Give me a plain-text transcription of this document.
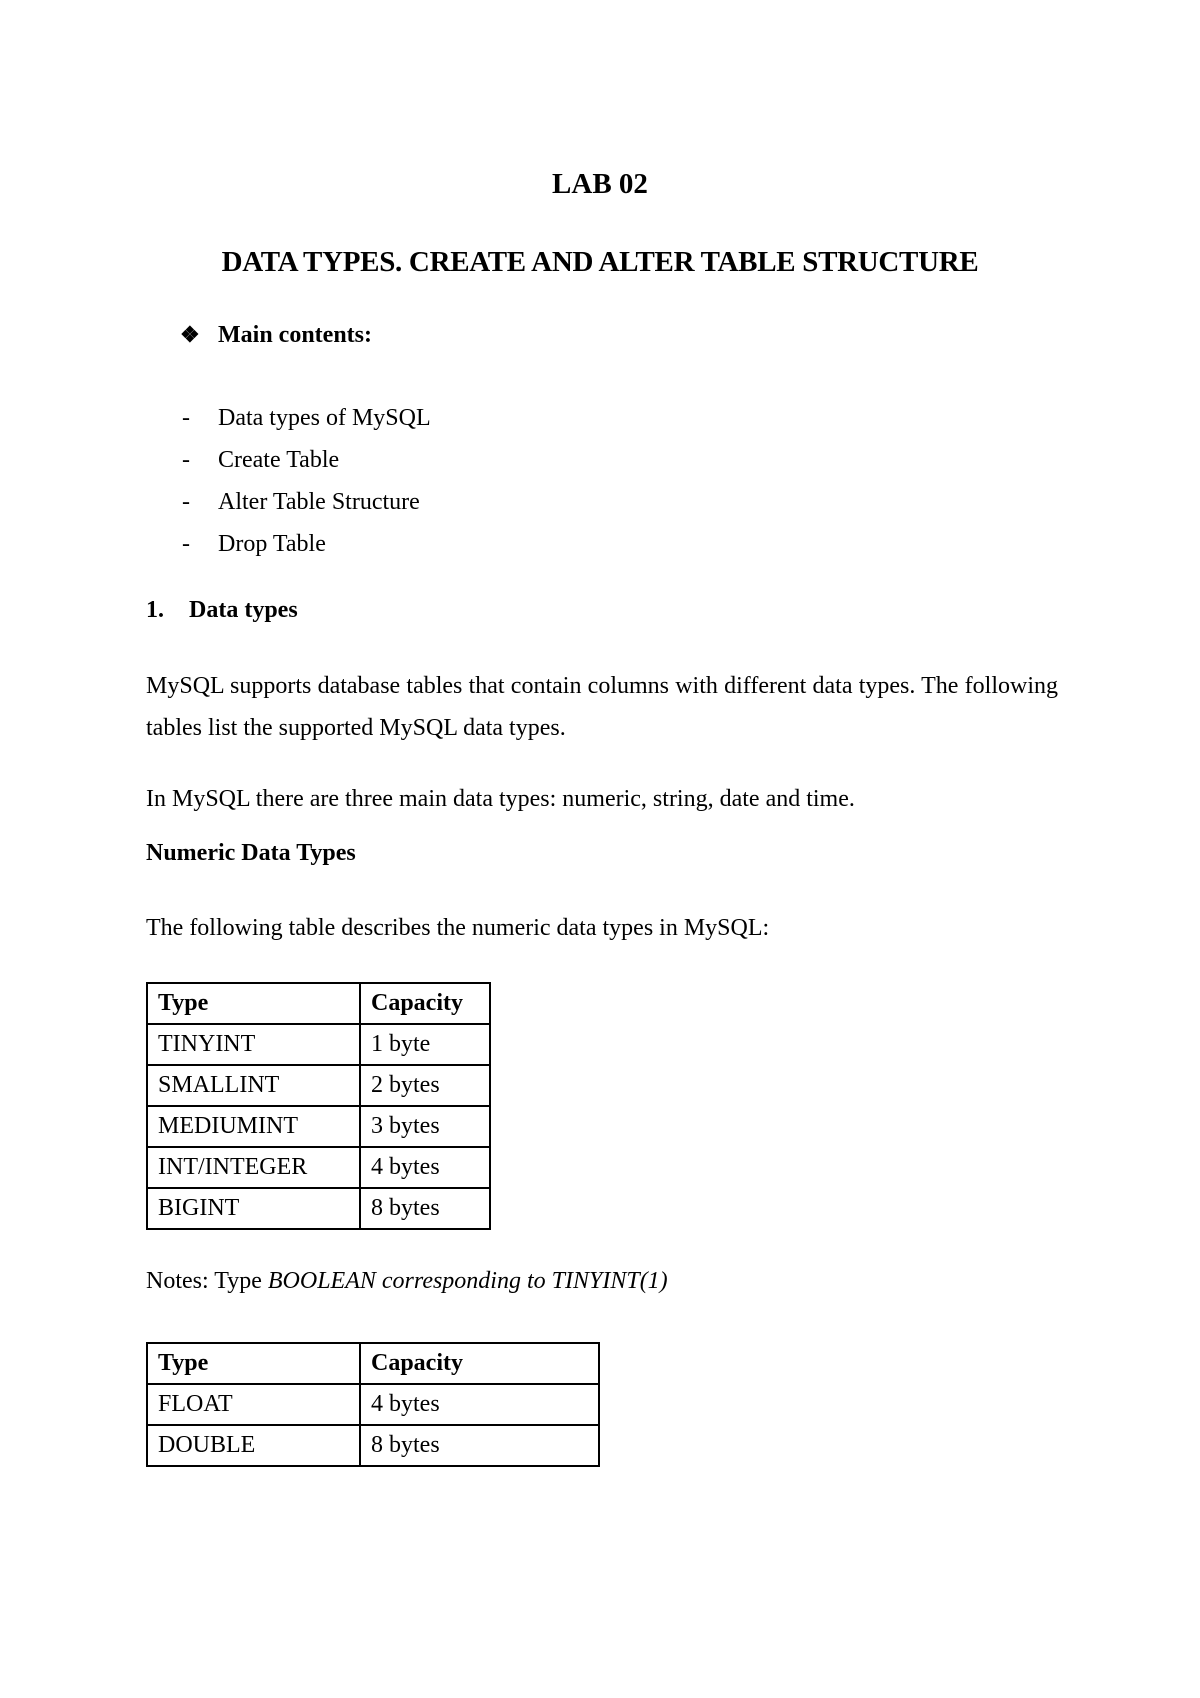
LAB 02
DATA TYPES. CREATE AND ALTER TABLE STRUCTURE
❖ Main contents:
- Data types of MySQL
- Create Table
- Alter Table Structure
- Drop Table
1. Data types
MySQL supports database tables that contain columns with different data types. The following tables list the supported MySQL data types.
In MySQL there are three main data types: numeric, string, date and time.
Numeric Data Types
The following table describes the numeric data types in MySQL:
Type	Capacity
TINYINT	1 byte
SMALLINT	2 bytes
MEDIUMINT	3 bytes
INT/INTEGER	4 bytes
BIGINT	8 bytes
Notes: Type BOOLEAN corresponding to TINYINT(1)
Type	Capacity
FLOAT	4 bytes
DOUBLE	8 bytes
